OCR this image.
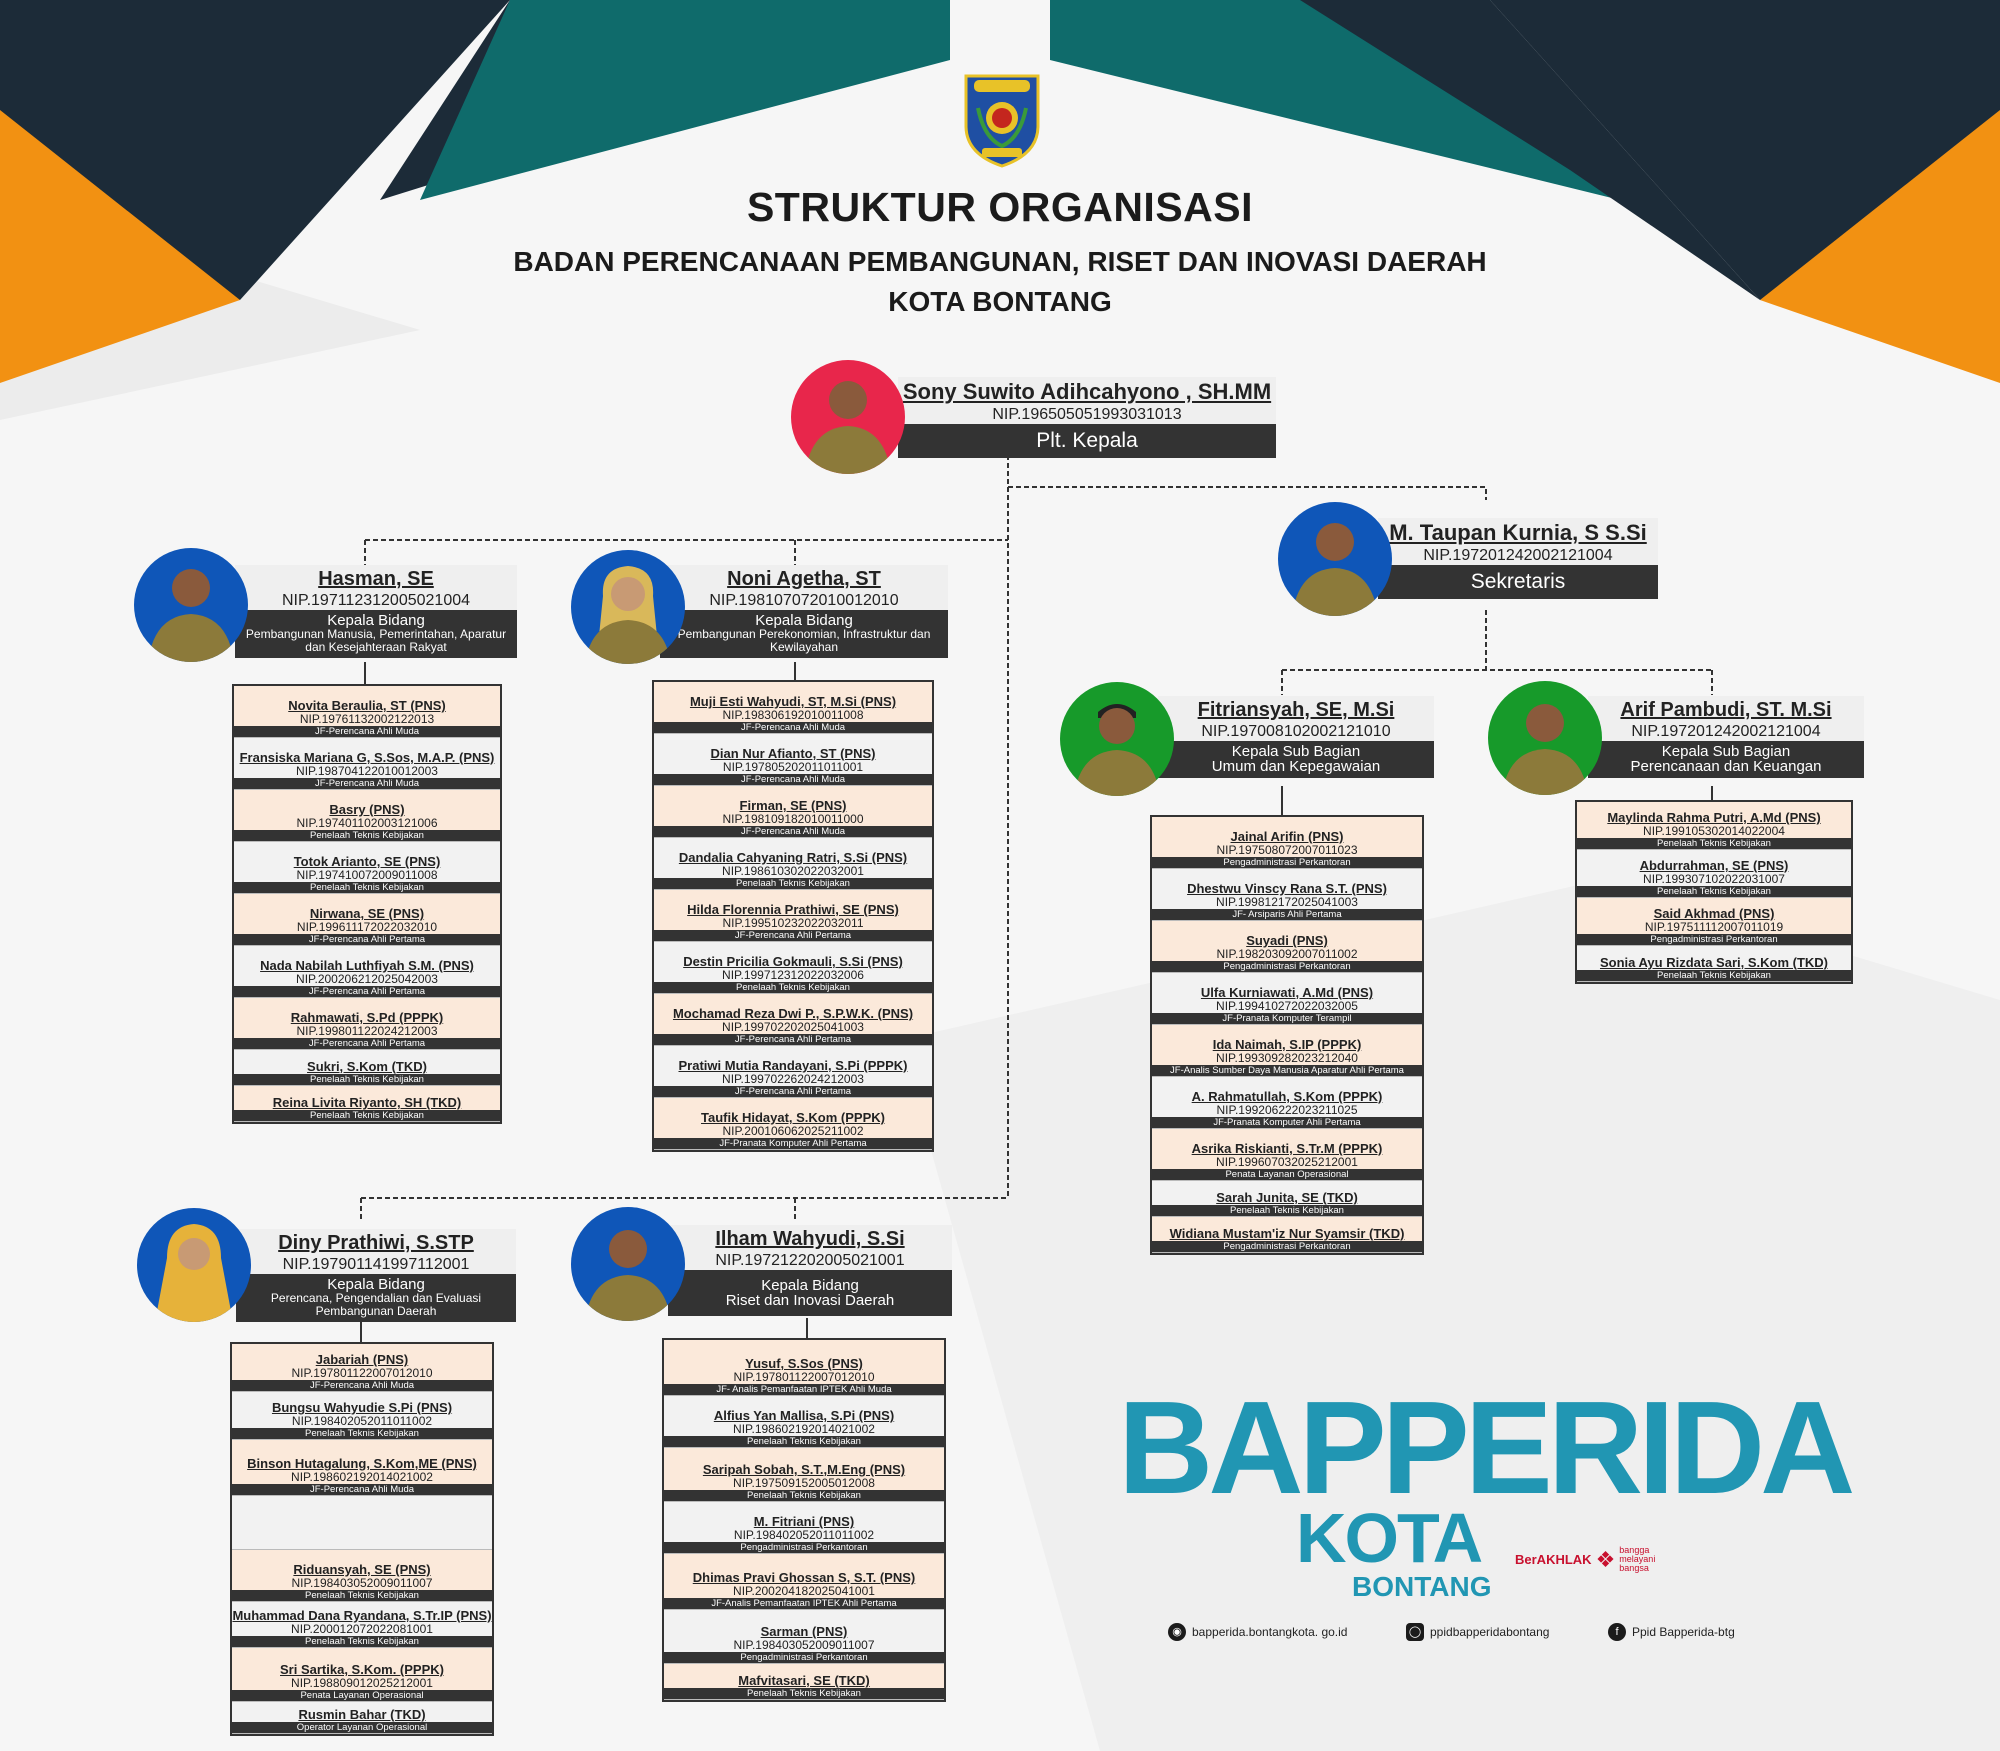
STRUKTUR ORGANISASI
BADAN PERENCANAAN PEMBANGUNAN, RISET DAN INOVASI DAERAH
KOTA BONTANG
Sony Suwito Adihcahyono , SH.MM
NIP.196505051993031013
Plt. Kepala
M. Taupan Kurnia, S S.Si
NIP.197201242002121004
Sekretaris
Hasman, SE
NIP.197112312005021004
Kepala Bidang
Pembangunan Manusia, Pemerintahan, Aparatur dan Kesejahteraan Rakyat
Noni Agetha, ST
NIP.198107072010012010
Kepala Bidang
Pembangunan Perekonomian, Infrastruktur dan Kewilayahan
Fitriansyah, SE, M.Si
NIP.197008102002121010
Kepala Sub Bagian
Umum dan Kepegawaian
Arif Pambudi, ST. M.Si
NIP.197201242002121004
Kepala Sub Bagian
Perencanaan dan Keuangan
Diny Prathiwi, S.STP
NIP.197901141997112001
Kepala Bidang
Perencana, Pengendalian dan Evaluasi Pembangunan Daerah
Ilham Wahyudi, S.Si
NIP.197212202005021001
Kepala Bidang
Riset dan Inovasi Daerah
Novita Beraulia, ST (PNS)
NIP.19761132002122013
JF-Perencana Ahli Muda
Fransiska Mariana G, S.Sos, M.A.P. (PNS)
NIP.198704122010012003
JF-Perencana Ahli Muda
Basry (PNS)
NIP.197401102003121006
Penelaah Teknis Kebijakan
Totok Arianto, SE (PNS)
NIP.197410072009011008
Penelaah Teknis Kebijakan
Nirwana, SE (PNS)
NIP.199611172022032010
JF-Perencana Ahli Pertama
Nada Nabilah Luthfiyah S.M. (PNS)
NIP.200206212025042003
JF-Perencana Ahli Pertama
Rahmawati, S.Pd (PPPK)
NIP.199801122024212003
JF-Perencana Ahli Pertama
Sukri, S.Kom (TKD)
Penelaah Teknis Kebijakan
Reina Livita Riyanto, SH (TKD)
Penelaah Teknis Kebijakan
Muji Esti Wahyudi, ST, M.Si (PNS)
NIP.198306192010011008
JF-Perencana Ahli Muda
Dian Nur Afianto, ST (PNS)
NIP.197805202011011001
JF-Perencana Ahli Muda
Firman, SE (PNS)
NIP.198109182010011000
JF-Perencana Ahli Muda
Dandalia Cahyaning Ratri, S.Si (PNS)
NIP.198610302022032001
Penelaah Teknis Kebijakan
Hilda Florennia Prathiwi, SE (PNS)
NIP.199510232022032011
JF-Perencana Ahli Pertama
Destin Pricilia Gokmauli, S.Si (PNS)
NIP.199712312022032006
Penelaah Teknis Kebijakan
Mochamad Reza Dwi P., S.P.W.K. (PNS)
NIP.199702202025041003
JF-Perencana Ahli Pertama
Pratiwi Mutia Randayani, S.Pi (PPPK)
NIP.199702262024212003
JF-Perencana Ahli Pertama
Taufik Hidayat, S.Kom (PPPK)
NIP.200106062025211002
JF-Pranata Komputer Ahli Pertama
Jainal Arifin (PNS)
NIP.197508072007011023
Pengadministrasi Perkantoran
Dhestwu Vinscy Rana S.T. (PNS)
NIP.199812172025041003
JF- Arsiparis Ahli Pertama
Suyadi (PNS)
NIP.198203092007011002
Pengadministrasi Perkantoran
Ulfa Kurniawati, A.Md (PNS)
NIP.199410272022032005
JF-Pranata Komputer Terampil
Ida Naimah, S.IP (PPPK)
NIP.199309282023212040
JF-Analis Sumber Daya Manusia Aparatur Ahli Pertama
A. Rahmatullah, S.Kom (PPPK)
NIP.199206222023211025
JF-Pranata Komputer Ahli Pertama
Asrika Riskianti, S.Tr.M (PPPK)
NIP.199607032025212001
Penata Layanan Operasional
Sarah Junita, SE (TKD)
Penelaah Teknis Kebijakan
Widiana Mustam'iz Nur Syamsir (TKD)
Pengadministrasi Perkantoran
Maylinda Rahma Putri, A.Md (PNS)
NIP.199105302014022004
Penelaah Teknis Kebijakan
Abdurrahman, SE (PNS)
NIP.199307102022031007
Penelaah Teknis Kebijakan
Said Akhmad (PNS)
NIP.197511112007011019
Pengadministrasi Perkantoran
Sonia Ayu Rizdata Sari, S.Kom (TKD)
Penelaah Teknis Kebijakan
Jabariah (PNS)
NIP.197801122007012010
JF-Perencana Ahli Muda
Bungsu Wahyudie S.Pi (PNS)
NIP.198402052011011002
Penelaah Teknis Kebijakan
Binson Hutagalung, S.Kom,ME (PNS)
NIP.198602192014021002
JF-Perencana Ahli Muda
Riduansyah, SE (PNS)
NIP.198403052009011007
Penelaah Teknis Kebijakan
Muhammad Dana Ryandana, S.Tr.IP (PNS)
NIP.200012072022081001
Penelaah Teknis Kebijakan
Sri Sartika, S.Kom. (PPPK)
NIP.198809012025212001
Penata Layanan Operasional
Rusmin Bahar (TKD)
Operator Layanan Operasional
Yusuf, S.Sos (PNS)
NIP.197801122007012010
JF- Analis Pemanfaatan IPTEK Ahli Muda
Alfius Yan Mallisa, S.Pi (PNS)
NIP.198602192014021002
Penelaah Teknis Kebijakan
Saripah Sobah, S.T.,M.Eng (PNS)
NIP.197509152005012008
Penelaah Teknis Kebijakan
M. Fitriani (PNS)
NIP.198402052011011002
Pengadministrasi Perkantoran
Dhimas Pravi Ghossan S, S.T. (PNS)
NIP.200204182025041001
JF-Analis Pemanfaatan IPTEK Ahli Pertama
Sarman (PNS)
NIP.198403052009011007
Pengadministrasi Perkantoran
Mafvitasari, SE (TKD)
Penelaah Teknis Kebijakan
BAPPERIDA
KOTA
BONTANG
BerAKHLAK ❖ bangga
melayani
bangsa
◉ bapperida.bontangkota. go.id	◯ ppidbapperidabontang	f	Ppid Bapperida-btg
